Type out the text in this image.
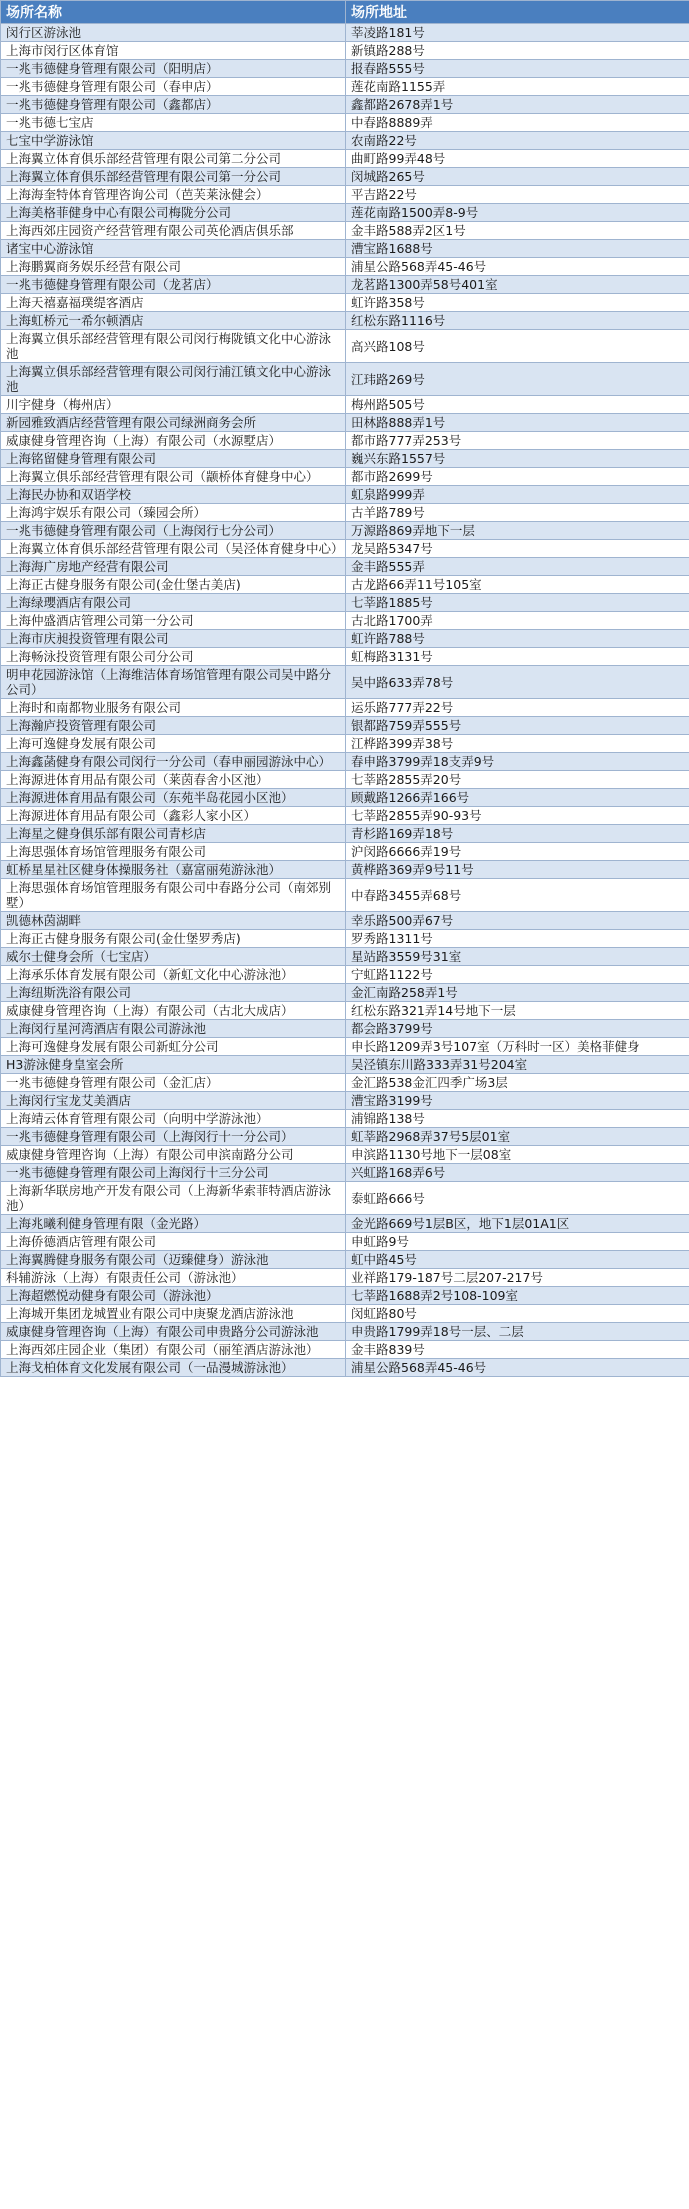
场所名称	场所地址
闵行区游泳池	莘凌路181号
上海市闵行区体育馆	新镇路288号
一兆韦德健身管理有限公司（阳明店）	报春路555号
一兆韦德健身管理有限公司（春申店）	莲花南路1155弄
一兆韦德健身管理有限公司（鑫都店）	鑫都路2678弄1号
一兆韦德七宝店	中春路8889弄
七宝中学游泳馆	农南路22号
上海翼立体育俱乐部经营管理有限公司第二分公司	曲町路99弄48号
上海翼立体育俱乐部经营管理有限公司第一分公司	闵城路265号
上海海奎特体育管理咨询公司（芭芙莱泳健会）	平吉路22号
上海美格菲健身中心有限公司梅陇分公司	莲花南路1500弄8-9号
上海西郊庄园资产经营管理有限公司英伦酒店俱乐部	金丰路588弄2区1号
诸宝中心游泳馆	漕宝路1688号
上海鹏翼商务娱乐经营有限公司	浦星公路568弄45-46号
一兆韦德健身管理有限公司（龙茗店）	龙茗路1300弄58号401室
上海天禧嘉福璞缇客酒店	虹许路358号
上海虹桥元一希尔顿酒店	红松东路1116号
上海翼立俱乐部经营管理有限公司闵行梅陇镇文化中心游泳池	高兴路108号
上海翼立俱乐部经营管理有限公司闵行浦江镇文化中心游泳池	江玮路269号
川宇健身（梅州店）	梅州路505号
新园雅致酒店经营管理有限公司绿洲商务会所	田林路888弄1号
威康健身管理咨询（上海）有限公司（水源墅店）	都市路777弄253号
上海铭留健身管理有限公司	巍兴东路1557号
上海翼立俱乐部经营管理有限公司（颛桥体育健身中心）	都市路2699号
上海民办协和双语学校	虹泉路999弄
上海鸿宇娱乐有限公司（臻园会所）	古羊路789号
一兆韦德健身管理有限公司（上海闵行七分公司）	万源路869弄地下一层
上海翼立体育俱乐部经营管理有限公司（吴泾体育健身中心）	龙吴路5347号
上海海广房地产经营有限公司	金丰路555弄
上海正古健身服务有限公司(金仕堡古美店)	古龙路66弄11号105室
上海绿瓔酒店有限公司	七莘路1885号
上海仲盛酒店管理公司第一分公司	古北路1700弄
上海市庆昶投资管理有限公司	虹许路788号
上海畅泳投资管理有限公司分公司	虹梅路3131号
明申花园游泳馆（上海维洁体育场馆管理有限公司吴中路分公司）	吴中路633弄78号
上海时和南都物业服务有限公司	运乐路777弄22号
上海瀚庐投资管理有限公司	银都路759弄555号
上海可逸健身发展有限公司	江桦路399弄38号
上海鑫菡健身有限公司闵行一分公司（春申丽园游泳中心）	春申路3799弄18支弄9号
上海源进体育用品有限公司（莱茵春舍小区池）	七莘路2855弄20号
上海源进体育用品有限公司（东苑半岛花园小区池）	顾戴路1266弄166号
上海源进体育用品有限公司（鑫彩人家小区）	七莘路2855弄90-93号
上海星之健身俱乐部有限公司青杉店	青杉路169弄18号
上海思强体育场馆管理服务有限公司	沪闵路6666弄19号
虹桥星星社区健身体操服务社（嘉富丽苑游泳池）	黄桦路369弄9号11号
上海思强体育场馆管理服务有限公司中春路分公司（南郊别墅）	中春路3455弄68号
凯德林茵湖畔	幸乐路500弄67号
上海正古健身服务有限公司(金仕堡罗秀店)	罗秀路1311号
威尔士健身会所（七宝店）	星站路3559号31室
上海承乐体育发展有限公司（新虹文化中心游泳池）	宁虹路1122号
上海纽斯洗浴有限公司	金汇南路258弄1号
威康健身管理咨询（上海）有限公司（古北大成店）	红松东路321弄14号地下一层
上海闵行星河湾酒店有限公司游泳池	都会路3799号
上海可逸健身发展有限公司新虹分公司	申长路1209弄3号107室（万科时一区）美格菲健身
H3游泳健身皇室会所	吴泾镇东川路333弄31号204室
一兆韦德健身管理有限公司（金汇店）	金汇路538金汇四季广场3层
上海闵行宝龙艾美酒店	漕宝路3199号
上海靖云体育管理有限公司（向明中学游泳池）	浦锦路138号
一兆韦德健身管理有限公司（上海闵行十一分公司）	虹莘路2968弄37号5层01室
威康健身管理咨询（上海）有限公司申滨南路分公司	申滨路1130号地下一层08室
一兆韦德健身管理有限公司上海闵行十三分公司	兴虹路168弄6号
上海新华联房地产开发有限公司（上海新华索菲特酒店游泳池）	泰虹路666号
上海兆曦利健身管理有限（金光路）	金光路669号1层B区，地下1层01A1区
上海侨德酒店管理有限公司	申虹路9号
上海翼腾健身服务有限公司（迈臻健身）游泳池	虹中路45号
科辅游泳（上海）有限责任公司（游泳池）	业祥路179-187号二层207-217号
上海超燃悦动健身有限公司（游泳池）	七莘路1688弄2号108-109室
上海城开集团龙城置业有限公司中庚聚龙酒店游泳池	闵虹路80号
威康健身管理咨询（上海）有限公司申贵路分公司游泳池	申贵路1799弄18号一层、二层
上海西郊庄园企业（集团）有限公司（丽笙酒店游泳池）	金丰路839号
上海戈柏体育文化发展有限公司（一品漫城游泳池）	浦星公路568弄45-46号
